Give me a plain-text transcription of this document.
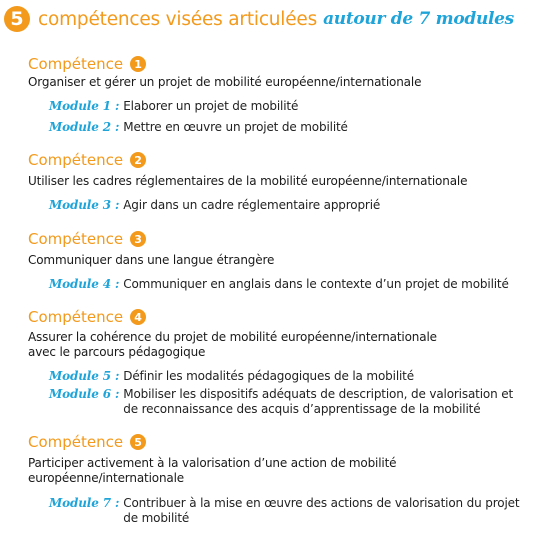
5 compétences visées articulées autour de 7 modules
Compétence	1
Organiser et gérer un projet de mobilité européenne/internationale
Module 1 : Elaborer un projet de mobilité
Module 2 : Mettre en œuvre un projet de mobilité
Compétence	2
Utiliser les cadres réglementaires de la mobilité européenne/internationale
Module 3 : Agir dans un cadre réglementaire approprié
Compétence	3
Communiquer dans une langue étrangère
Module 4 : Communiquer en anglais dans le contexte d’un projet de mobilité
Compétence	4
Assurer la cohérence du projet de mobilité européenne/internationale avec le parcours pédagogique
Module 5 : Définir les modalités pédagogiques de la mobilité
Module 6 : Mobiliser les dispositifs adéquats de description, de valorisation et de reconnaissance des acquis d’apprentissage de la mobilité
Compétence	5
Participer activement à la valorisation d’une action de mobilité européenne/internationale
Module 7 : Contribuer à la mise en œuvre des actions de valorisation du projet de mobilité
